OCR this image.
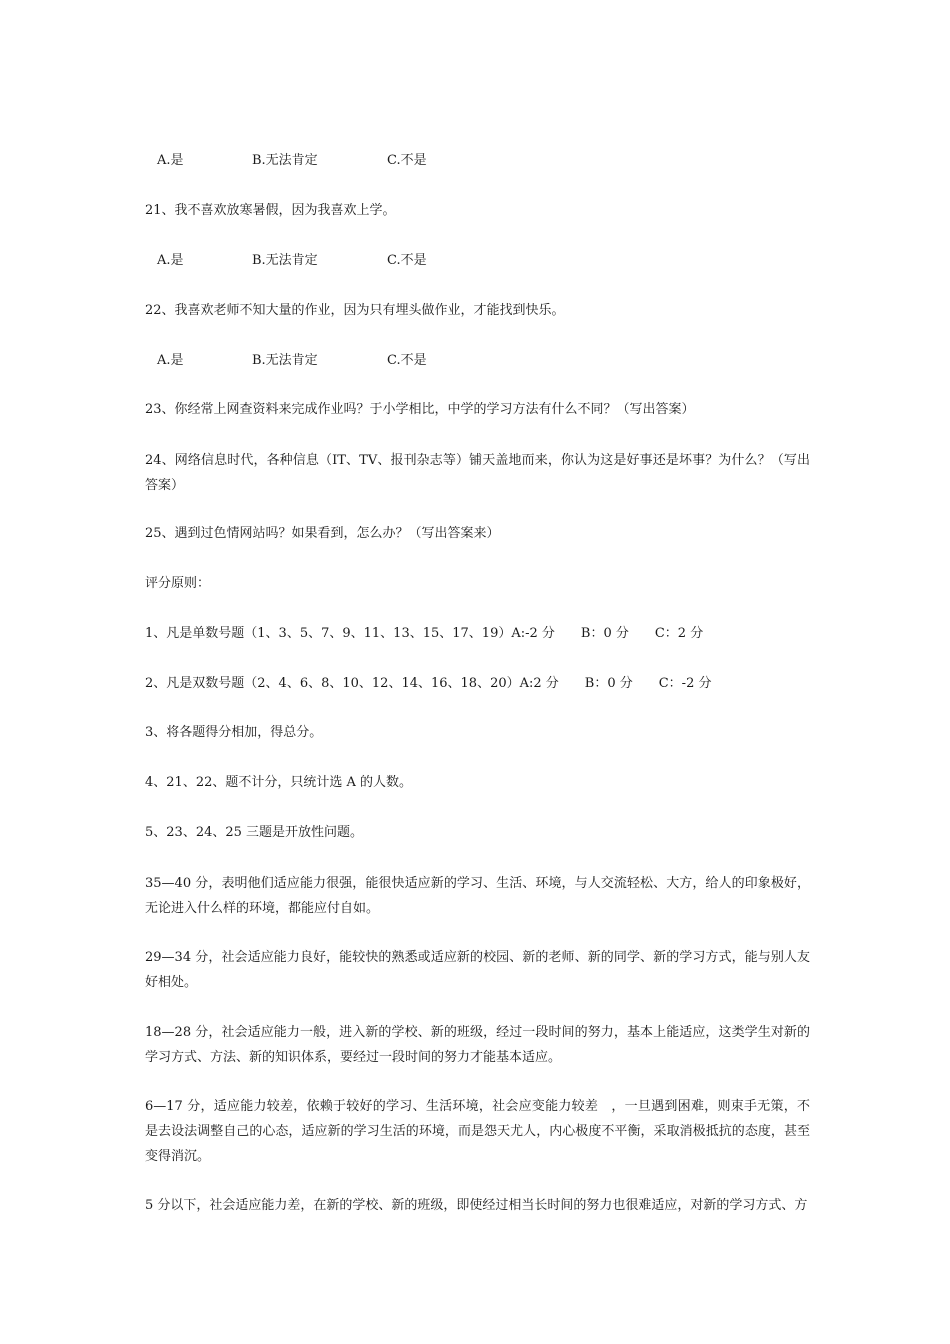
A.是	B.无法肯定	C.不是
21、我不喜欢放寒暑假，因为我喜欢上学。
A.是	B.无法肯定	C.不是
22、我喜欢老师不知大量的作业，因为只有埋头做作业，才能找到快乐。
A.是	B.无法肯定	C.不是
23、你经常上网查资料来完成作业吗？于小学相比，中学的学习方法有什么不同？（写出答案）
24、网络信息时代，各种信息（IT、TV、报刊杂志等）铺天盖地而来，你认为这是好事还是坏事？为什么？（写出答案）
25、遇到过色情网站吗？如果看到，怎么办？（写出答案来）
评分原则：
1、凡是单数号题（1、3、5、7、9、11、13、15、17、19）A:-2 分　　B：0 分　　C：2 分
2、凡是双数号题（2、4、6、8、10、12、14、16、18、20）A:2 分　　B：0 分　　C：-2 分
3、将各题得分相加，得总分。
4、21、22、题不计分，只统计选 A 的人数。
5、23、24、25 三题是开放性问题。
35—40 分，表明他们适应能力很强，能很快适应新的学习、生活、环境，与人交流轻松、大方，给人的印象极好，无论进入什么样的环境，都能应付自如。
29—34 分，社会适应能力良好，能较快的熟悉或适应新的校园、新的老师、新的同学、新的学习方式，能与别人友好相处。
18—28 分，社会适应能力一般，进入新的学校、新的班级，经过一段时间的努力，基本上能适应，这类学生对新的学习方式、方法、新的知识体系，要经过一段时间的努力才能基本适应。
6—17 分，适应能力较差，依赖于较好的学习、生活环境，社会应变能力较差　，一旦遇到困难，则束手无策，不是去设法调整自己的心态，适应新的学习生活的环境，而是怨天尤人，内心极度不平衡，采取消极抵抗的态度，甚至变得消沉。
5 分以下，社会适应能力差，在新的学校、新的班级，即使经过相当长时间的努力也很难适应，对新的学习方式、方
